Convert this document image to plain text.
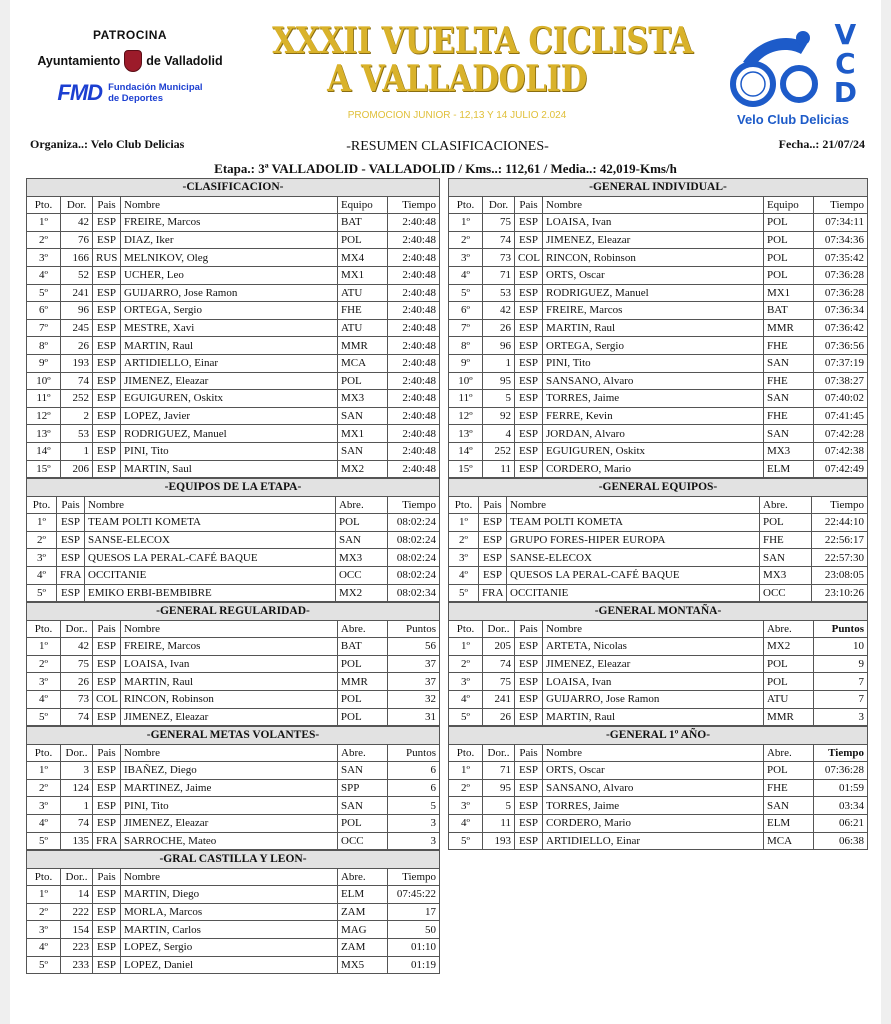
PATROCINA
Ayuntamiento de Valladolid
FMD Fundación Municipal
de Deportes
XXXII VUELTA CICLISTA
A VALLADOLID
PROMOCION JUNIOR - 12,13 Y 14 JULIO 2.024
V
C
D
Velo Club Delicias
Organiza..: Velo Club Delicias	-RESUMEN CLASIFICACIONES-	Fecha..: 21/07/24
Etapa.: 3ª VALLADOLID - VALLADOLID / Kms..: 112,61 / Media..: 42,019-Kms/h
-CLASIFICACION-					
Pto.	Dor.	Pais	Nombre	Equipo	Tiempo
1º	42	ESP	FREIRE, Marcos	BAT	2:40:48
2º	76	ESP	DIAZ, Iker	POL	2:40:48
3º	166	RUS	MELNIKOV, Oleg	MX4	2:40:48
4º	52	ESP	UCHER, Leo	MX1	2:40:48
5º	241	ESP	GUIJARRO, Jose Ramon	ATU	2:40:48
6º	96	ESP	ORTEGA, Sergio	FHE	2:40:48
7º	245	ESP	MESTRE, Xavi	ATU	2:40:48
8º	26	ESP	MARTIN, Raul	MMR	2:40:48
9º	193	ESP	ARTIDIELLO, Einar	MCA	2:40:48
10º	74	ESP	JIMENEZ, Eleazar	POL	2:40:48
11º	252	ESP	EGUIGUREN, Oskitx	MX3	2:40:48
12º	2	ESP	LOPEZ, Javier	SAN	2:40:48
13º	53	ESP	RODRIGUEZ, Manuel	MX1	2:40:48
14º	1	ESP	PINI, Tito	SAN	2:40:48
15º	206	ESP	MARTIN, Saul	MX2	2:40:48
-GENERAL INDIVIDUAL-					
Pto.	Dor.	Pais	Nombre	Equipo	Tiempo
1º	75	ESP	LOAISA, Ivan	POL	07:34:11
2º	74	ESP	JIMENEZ, Eleazar	POL	07:34:36
3º	73	COL	RINCON, Robinson	POL	07:35:42
4º	71	ESP	ORTS, Oscar	POL	07:36:28
5º	53	ESP	RODRIGUEZ, Manuel	MX1	07:36:28
6º	42	ESP	FREIRE, Marcos	BAT	07:36:34
7º	26	ESP	MARTIN, Raul	MMR	07:36:42
8º	96	ESP	ORTEGA, Sergio	FHE	07:36:56
9º	1	ESP	PINI, Tito	SAN	07:37:19
10º	95	ESP	SANSANO, Alvaro	FHE	07:38:27
11º	5	ESP	TORRES, Jaime	SAN	07:40:02
12º	92	ESP	FERRE, Kevin	FHE	07:41:45
13º	4	ESP	JORDAN, Alvaro	SAN	07:42:28
14º	252	ESP	EGUIGUREN, Oskitx	MX3	07:42:38
15º	11	ESP	CORDERO, Mario	ELM	07:42:49
-EQUIPOS DE LA ETAPA-				
Pto.	Pais	Nombre	Abre.	Tiempo
1º	ESP	TEAM POLTI KOMETA	POL	08:02:24
2º	ESP	SANSE-ELECOX	SAN	08:02:24
3º	ESP	QUESOS LA PERAL-CAFÉ BAQUE	MX3	08:02:24
4º	FRA	OCCITANIE	OCC	08:02:24
5º	ESP	EMIKO ERBI-BEMBIBRE	MX2	08:02:34
-GENERAL EQUIPOS-				
Pto.	Pais	Nombre	Abre.	Tiempo
1º	ESP	TEAM POLTI KOMETA	POL	22:44:10
2º	ESP	GRUPO FORES-HIPER EUROPA	FHE	22:56:17
3º	ESP	SANSE-ELECOX	SAN	22:57:30
4º	ESP	QUESOS LA PERAL-CAFÉ BAQUE	MX3	23:08:05
5º	FRA	OCCITANIE	OCC	23:10:26
-GENERAL REGULARIDAD-					
Pto.	Dor..	Pais	Nombre	Abre.	Puntos
1º	42	ESP	FREIRE, Marcos	BAT	56
2º	75	ESP	LOAISA, Ivan	POL	37
3º	26	ESP	MARTIN, Raul	MMR	37
4º	73	COL	RINCON, Robinson	POL	32
5º	74	ESP	JIMENEZ, Eleazar	POL	31
-GENERAL MONTAÑA-					
Pto.	Dor..	Pais	Nombre	Abre.	Puntos
1º	205	ESP	ARTETA, Nicolas	MX2	10
2º	74	ESP	JIMENEZ, Eleazar	POL	9
3º	75	ESP	LOAISA, Ivan	POL	7
4º	241	ESP	GUIJARRO, Jose Ramon	ATU	7
5º	26	ESP	MARTIN, Raul	MMR	3
-GENERAL METAS VOLANTES-					
Pto.	Dor..	Pais	Nombre	Abre.	Puntos
1º	3	ESP	IBAÑEZ, Diego	SAN	6
2º	124	ESP	MARTINEZ, Jaime	SPP	6
3º	1	ESP	PINI, Tito	SAN	5
4º	74	ESP	JIMENEZ, Eleazar	POL	3
5º	135	FRA	SARROCHE, Mateo	OCC	3
-GENERAL 1º AÑO-					
Pto.	Dor..	Pais	Nombre	Abre.	Tiempo
1º	71	ESP	ORTS, Oscar	POL	07:36:28
2º	95	ESP	SANSANO, Alvaro	FHE	01:59
3º	5	ESP	TORRES, Jaime	SAN	03:34
4º	11	ESP	CORDERO, Mario	ELM	06:21
5º	193	ESP	ARTIDIELLO, Einar	MCA	06:38
-GRAL CASTILLA Y LEON-					
Pto.	Dor..	Pais	Nombre	Abre.	Tiempo
1º	14	ESP	MARTIN, Diego	ELM	07:45:22
2º	222	ESP	MORLA, Marcos	ZAM	17
3º	154	ESP	MARTIN, Carlos	MAG	50
4º	223	ESP	LOPEZ, Sergio	ZAM	01:10
5º	233	ESP	LOPEZ, Daniel	MX5	01:19
